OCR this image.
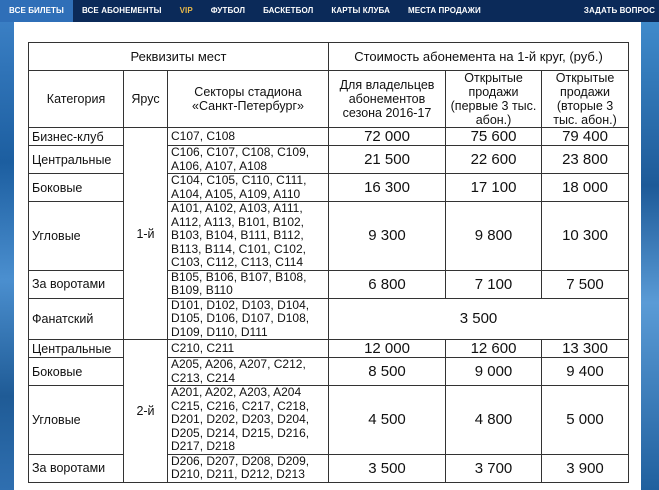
ВСЕ БИЛЕТЫ	ВСЕ АБОНЕМЕНТЫ	VIP	ФУТБОЛ	БАСКЕТБОЛ	КАРТЫ КЛУБА	МЕСТА ПРОДАЖИ	ЗАДАТЬ ВОПРОС
Реквизиты мест			Стоимость абонемента на 1-й круг, (руб.)		
Категория	Ярус	Секторы стадиона «Санкт-Петербург»	Для владельцев абонементов сезона 2016-17	Открытые продажи (первые 3 тыс. абон.)	Открытые продажи (вторые 3 тыс. абон.)
Бизнес-клуб	1-й	C107, C108	72 000	75 600	79 400
Центральные		C106, C107, C108, C109, A106, A107, A108	21 500	22 600	23 800
Боковые		C104, C105, C110, C111, A104, A105, A109, A110	16 300	17 100	18 000
Угловые		A101, A102, A103, A111, A112, A113, B101, B102, B103, B104, B111, B112, B113, B114, C101, C102, C103, C112, C113, C114	9 300	9 800	10 300
За воротами		B105, B106, B107, B108, B109, B110	6 800	7 100	7 500
Фанатский		D101, D102, D103, D104, D105, D106, D107, D108, D109, D110, D111	3 500		
Центральные	2-й	C210, C211	12 000	12 600	13 300
Боковые		A205, A206, A207, C212, C213, C214	8 500	9 000	9 400
Угловые		A201, A202, A203, A204 C215, C216, C217, C218, D201, D202, D203, D204, D205, D214, D215, D216, D217, D218	4 500	4 800	5 000
За воротами		D206, D207, D208, D209, D210, D211, D212, D213	3 500	3 700	3 900
